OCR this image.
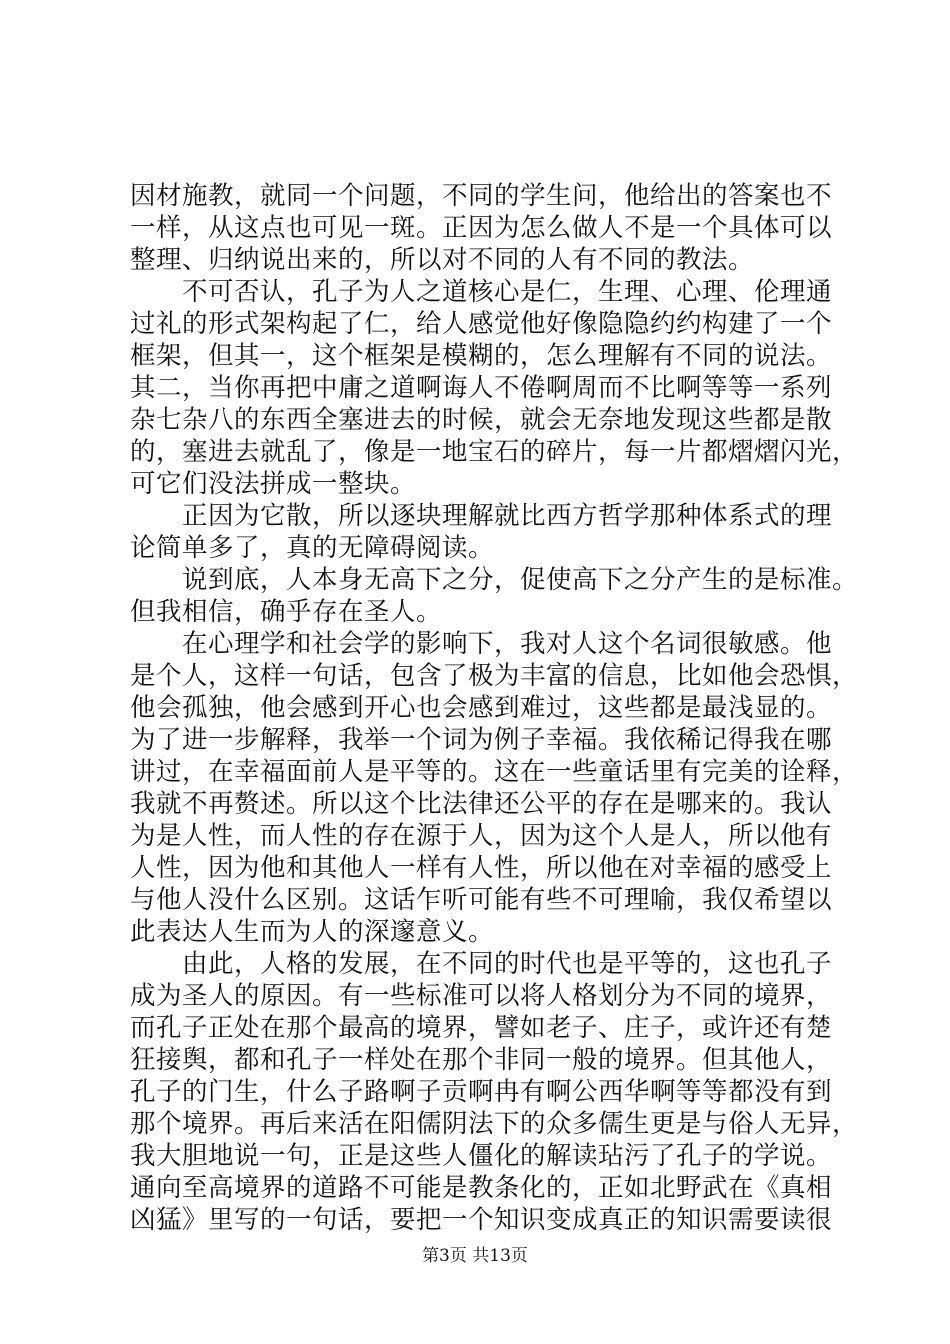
因材施教，就同一个问题，不同的学生问，他给出的答案也不
一样，从这点也可见一斑。正因为怎么做人不是一个具体可以
整理、归纳说出来的，所以对不同的人有不同的教法。
　　不可否认，孔子为人之道核心是仁，生理、心理、伦理通
过礼的形式架构起了仁，给人感觉他好像隐隐约约构建了一个
框架，但其一，这个框架是模糊的，怎么理解有不同的说法。
其二，当你再把中庸之道啊诲人不倦啊周而不比啊等等一系列
杂七杂八的东西全塞进去的时候，就会无奈地发现这些都是散
的，塞进去就乱了，像是一地宝石的碎片，每一片都熠熠闪光，
可它们没法拼成一整块。
　　正因为它散，所以逐块理解就比西方哲学那种体系式的理
论简单多了，真的无障碍阅读。
　　说到底，人本身无高下之分，促使高下之分产生的是标准。
但我相信，确乎存在圣人。
　　在心理学和社会学的影响下，我对人这个名词很敏感。他
是个人，这样一句话，包含了极为丰富的信息，比如他会恐惧，
他会孤独，他会感到开心也会感到难过，这些都是最浅显的。
为了进一步解释，我举一个词为例子幸福。我依稀记得我在哪
讲过，在幸福面前人是平等的。这在一些童话里有完美的诠释，
我就不再赘述。所以这个比法律还公平的存在是哪来的。我认
为是人性，而人性的存在源于人，因为这个人是人，所以他有
人性，因为他和其他人一样有人性，所以他在对幸福的感受上
与他人没什么区别。这话乍听可能有些不可理喻，我仅希望以
此表达人生而为人的深邃意义。
　　由此，人格的发展，在不同的时代也是平等的，这也孔子
成为圣人的原因。有一些标准可以将人格划分为不同的境界，
而孔子正处在那个最高的境界，譬如老子、庄子，或许还有楚
狂接舆，都和孔子一样处在那个非同一般的境界。但其他人，
孔子的门生，什么子路啊子贡啊冉有啊公西华啊等等都没有到
那个境界。再后来活在阳儒阴法下的众多儒生更是与俗人无异，
我大胆地说一句，正是这些人僵化的解读玷污了孔子的学说。
通向至高境界的道路不可能是教条化的，正如北野武在《真相
凶猛》里写的一句话，要把一个知识变成真正的知识需要读很
第3页 共13页
